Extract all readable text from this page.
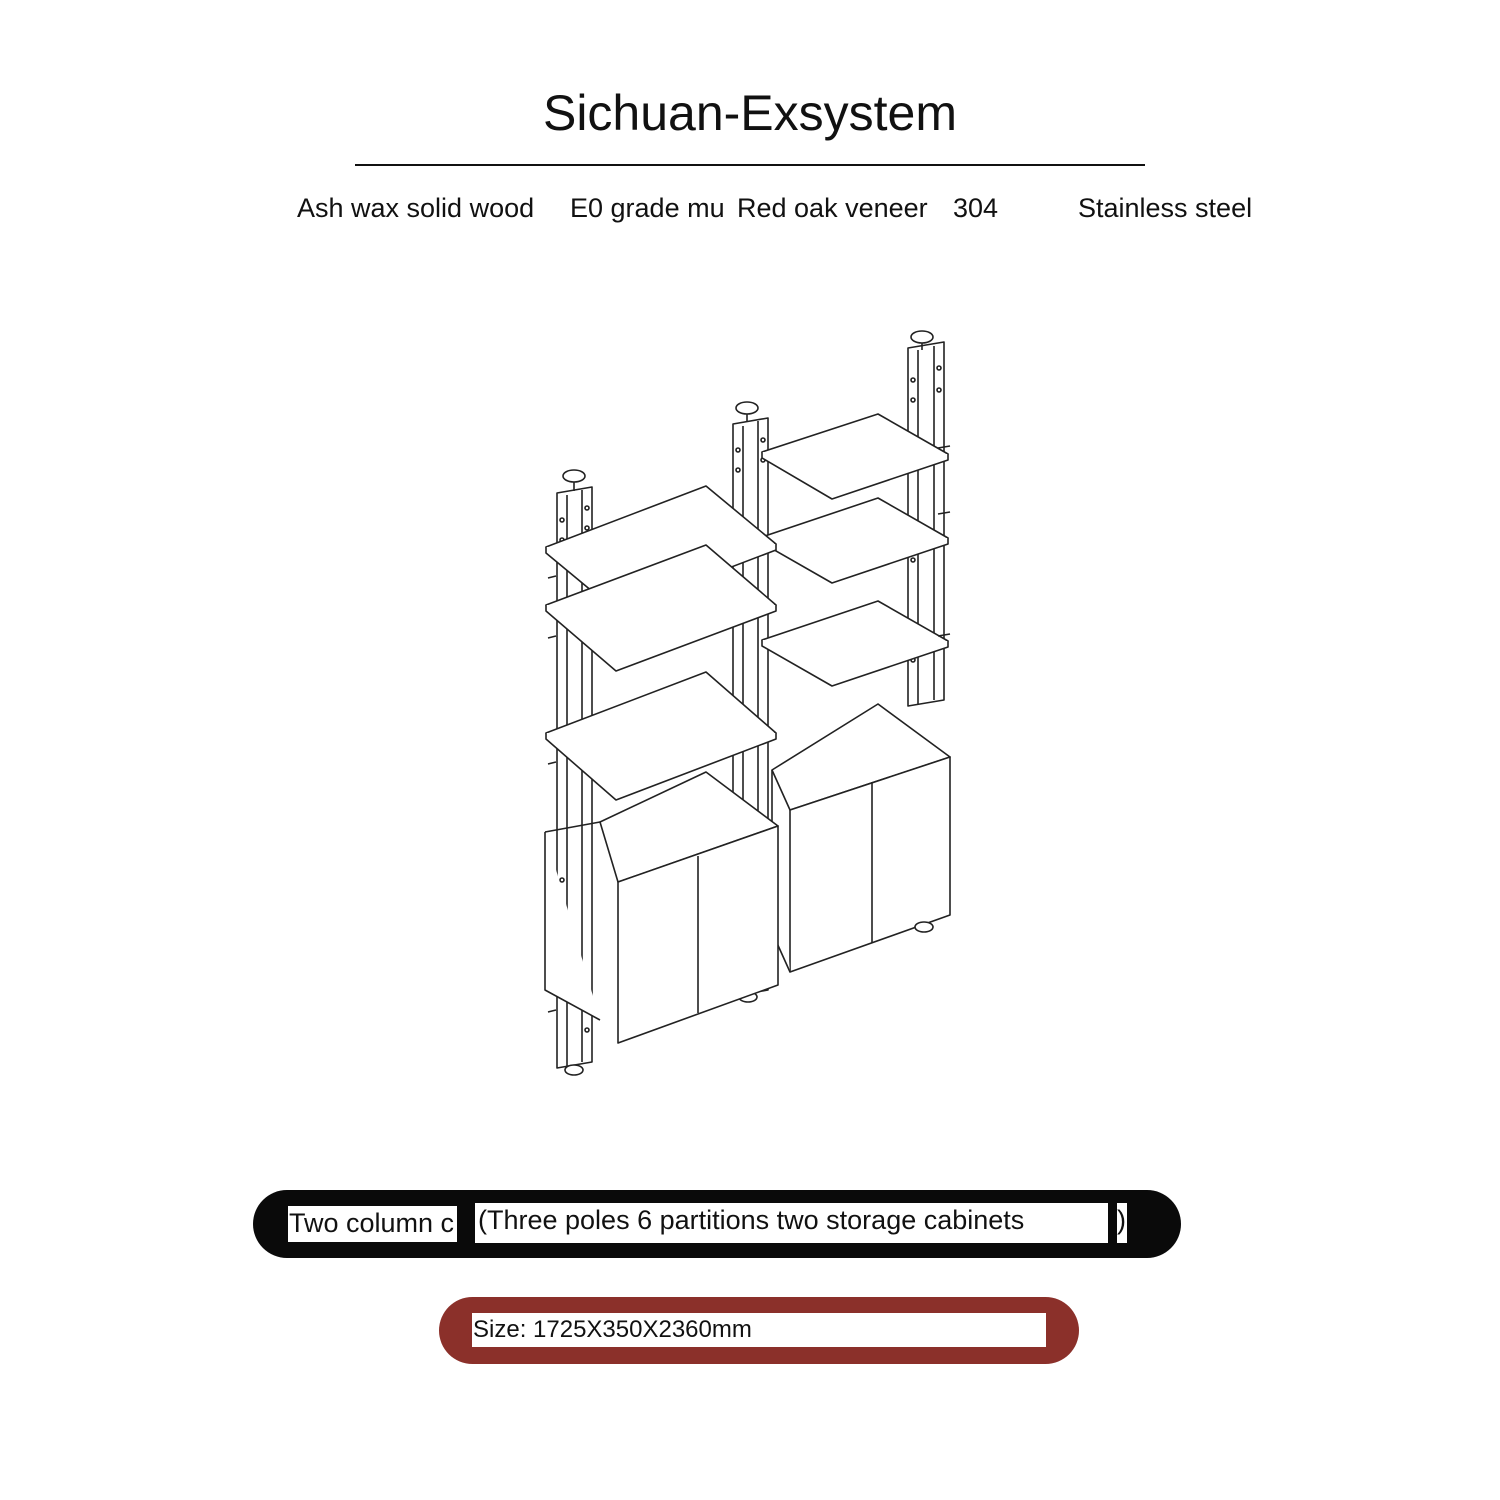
Sichuan-Exsystem
Ash wax solid wood E0 grade mu Red oak veneer 304	Stainless steel
Two column c (Three poles 6 partitions two storage cabinets	)
Size: 1725X350X2360mm
